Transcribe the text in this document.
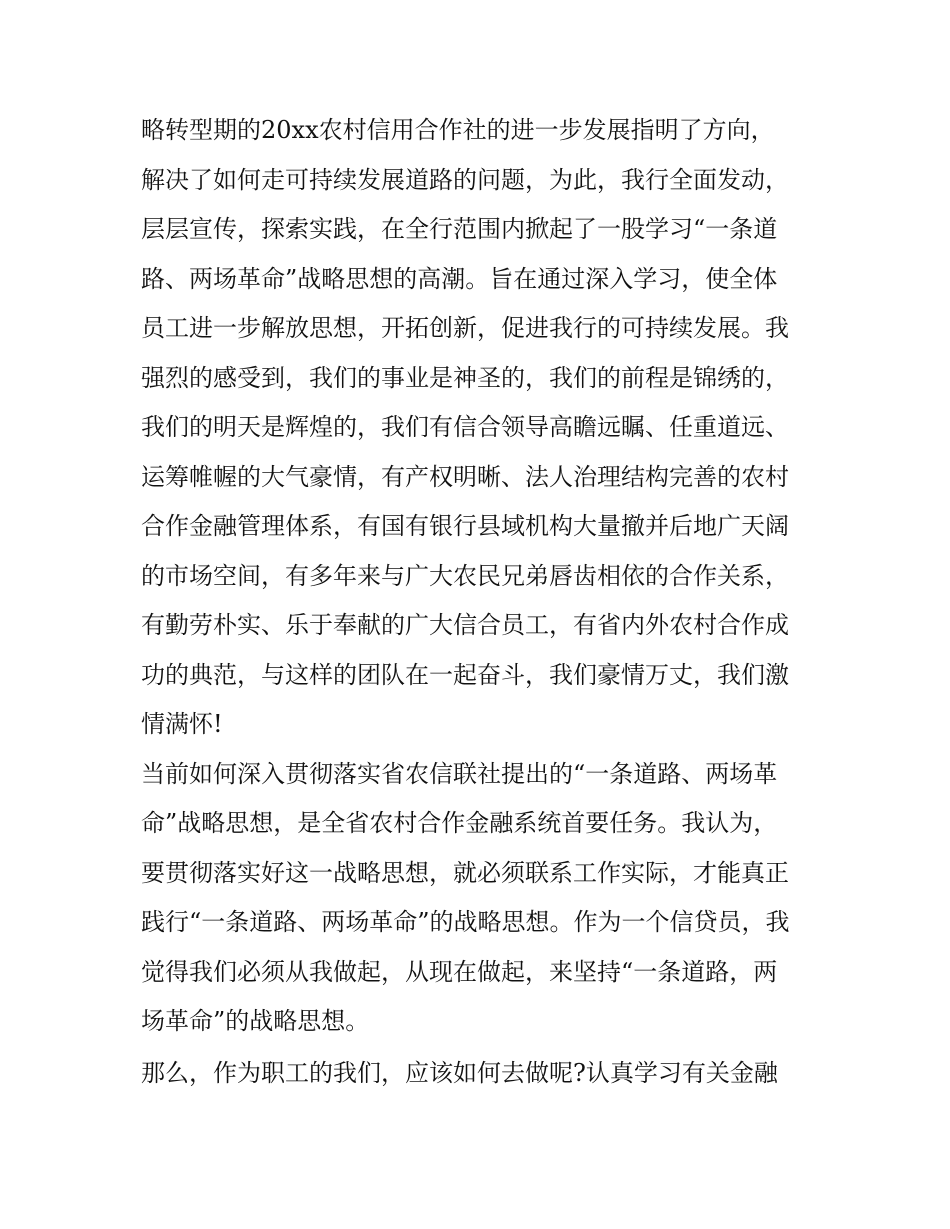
略转型期的20xx农村信用合作社的进一步发展指明了方向，
解决了如何走可持续发展道路的问题，为此，我行全面发动，
层层宣传，探索实践，在全行范围内掀起了一股学习“一条道
路、两场革命”战略思想的高潮。旨在通过深入学习，使全体
员工进一步解放思想，开拓创新，促进我行的可持续发展。我
强烈的感受到，我们的事业是神圣的，我们的前程是锦绣的，
我们的明天是辉煌的，我们有信合领导高瞻远瞩、任重道远、
运筹帷幄的大气豪情，有产权明晰、法人治理结构完善的农村
合作金融管理体系，有国有银行县域机构大量撤并后地广天阔
的市场空间，有多年来与广大农民兄弟唇齿相依的合作关系，
有勤劳朴实、乐于奉献的广大信合员工，有省内外农村合作成
功的典范，与这样的团队在一起奋斗，我们豪情万丈，我们激
情满怀!
当前如何深入贯彻落实省农信联社提出的“一条道路、两场革
命”战略思想，是全省农村合作金融系统首要任务。我认为，
要贯彻落实好这一战略思想，就必须联系工作实际，才能真正
践行“一条道路、两场革命”的战略思想。作为一个信贷员，我
觉得我们必须从我做起，从现在做起，来坚持“一条道路，两
场革命”的战略思想。
那么，作为职工的我们，应该如何去做呢?认真学习有关金融
